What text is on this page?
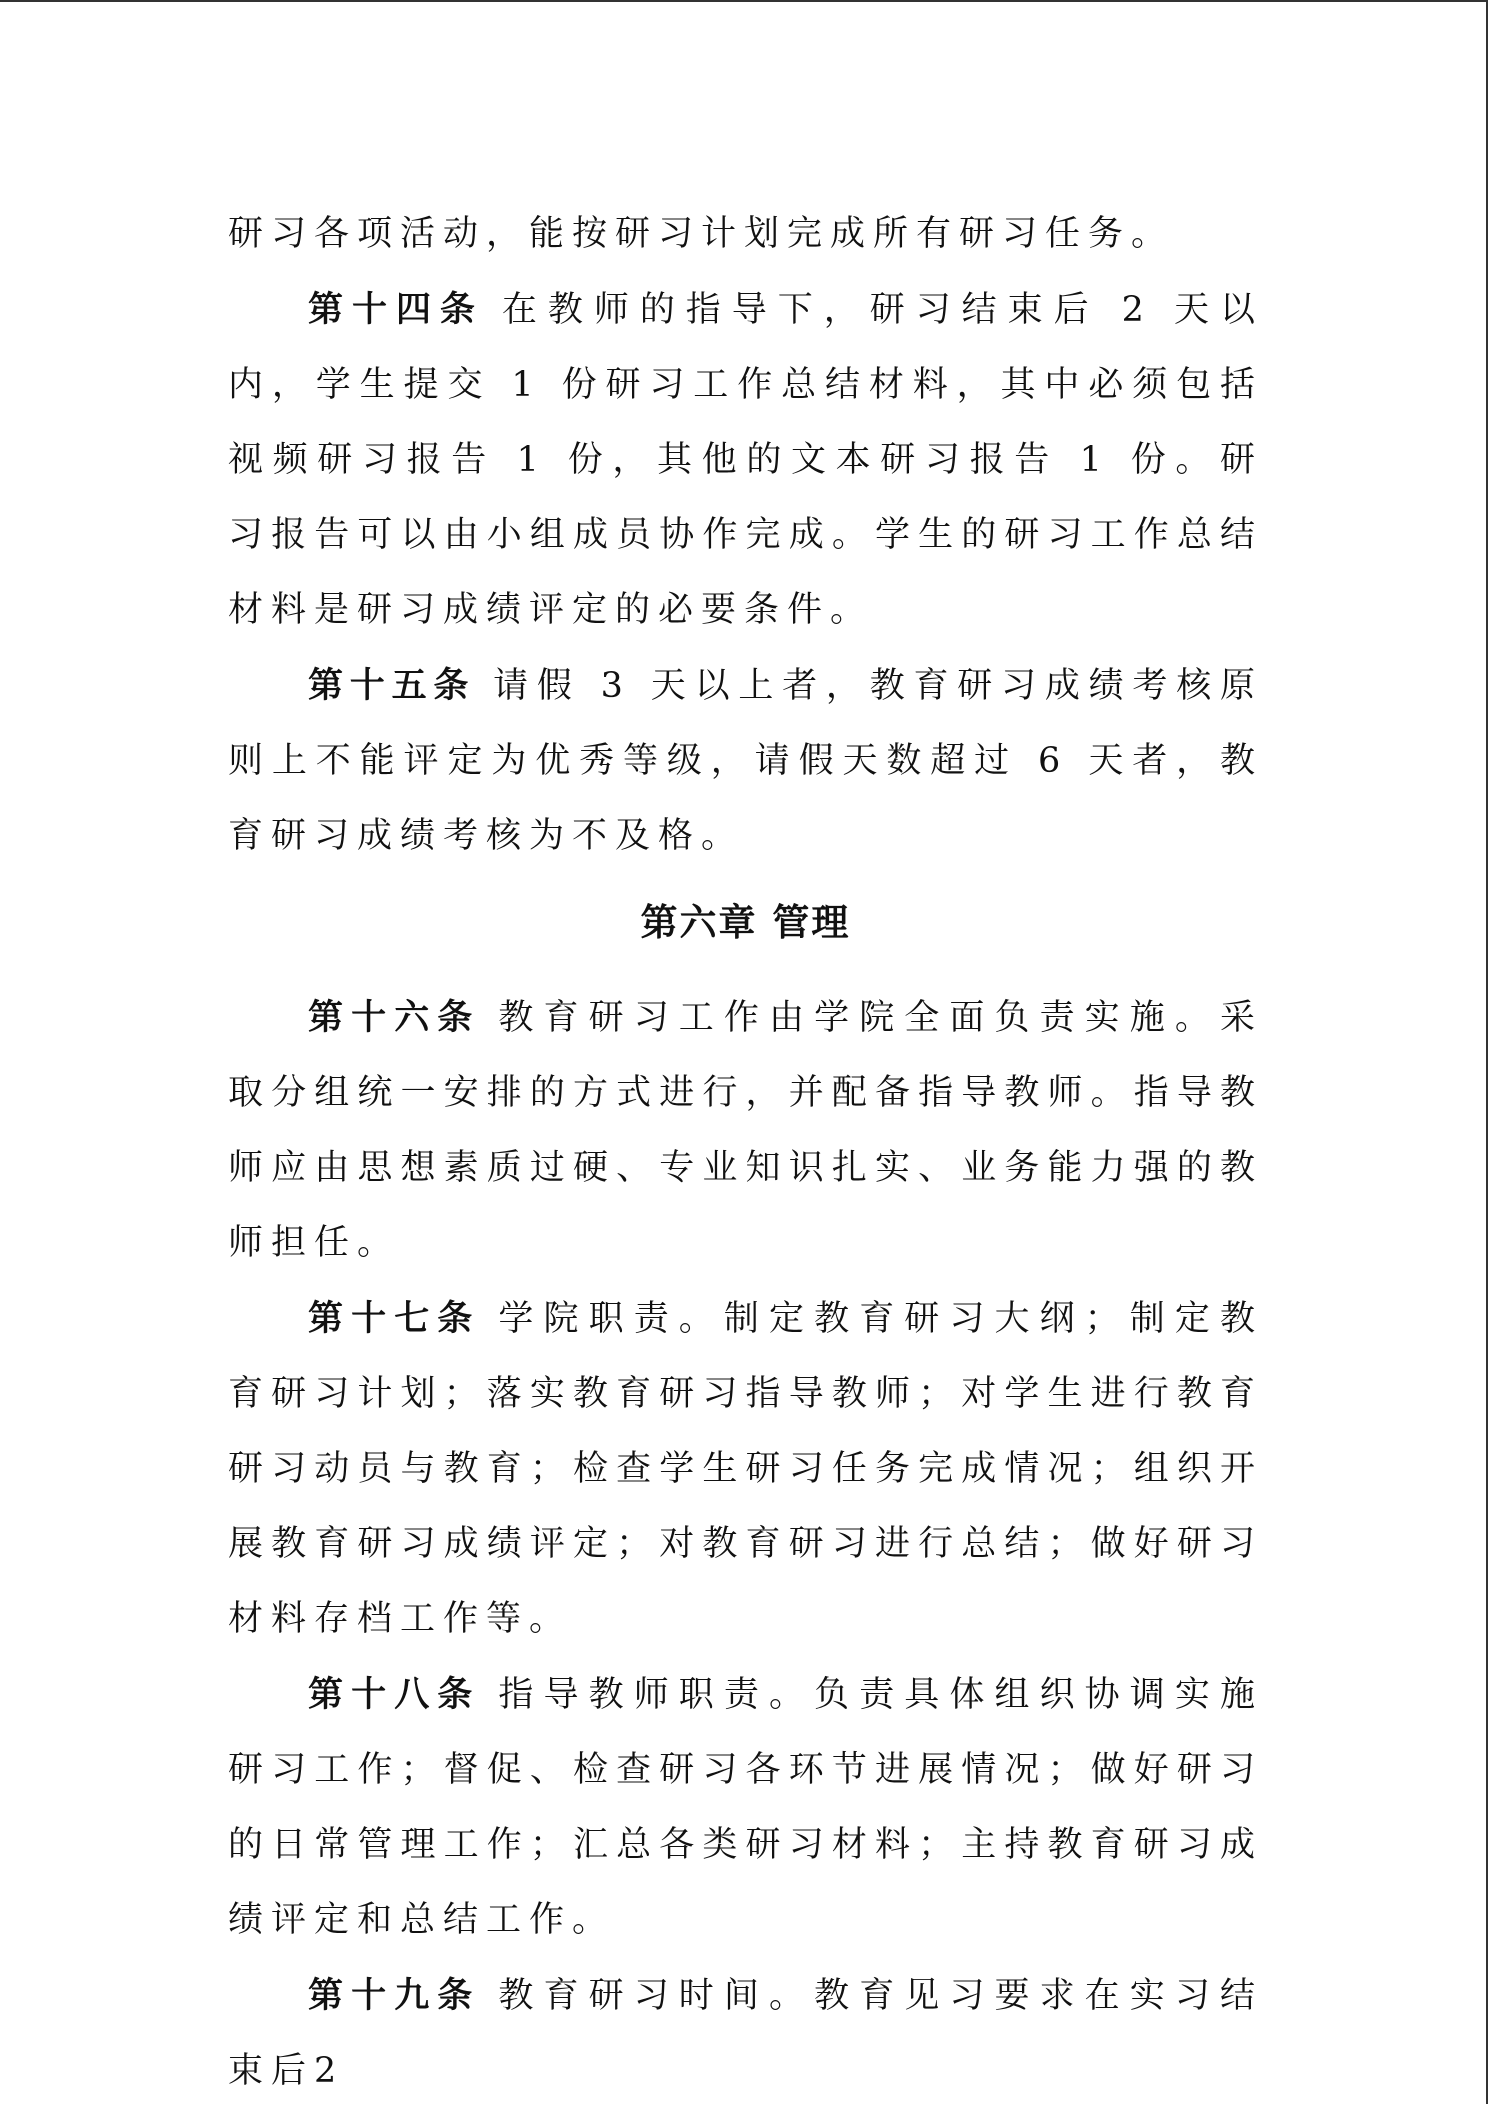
研习各项活动，能按研习计划完成所有研习任务。

第十四条 在教师的指导下，研习结束后 2 天以内，学生提交 1 份研习工作总结材料，其中必须包括视频研习报告 1 份，其他的文本研习报告 1 份。研习报告可以由小组成员协作完成。学生的研习工作总结材料是研习成绩评定的必要条件。

第十五条 请假 3 天以上者，教育研习成绩考核原则上不能评定为优秀等级，请假天数超过 6 天者，教育研习成绩考核为不及格。

第六章 管理

第十六条 教育研习工作由学院全面负责实施。采取分组统一安排的方式进行，并配备指导教师。指导教师应由思想素质过硬、专业知识扎实、业务能力强的教师担任。

第十七条 学院职责。制定教育研习大纲；制定教育研习计划；落实教育研习指导教师；对学生进行教育研习动员与教育；检查学生研习任务完成情况；组织开展教育研习成绩评定；对教育研习进行总结；做好研习材料存档工作等。

第十八条 指导教师职责。负责具体组织协调实施研习工作；督促、检查研习各环节进展情况；做好研习的日常管理工作；汇总各类研习材料；主持教育研习成绩评定和总结工作。

第十九条 教育研习时间。教育见习要求在实习结束后2
